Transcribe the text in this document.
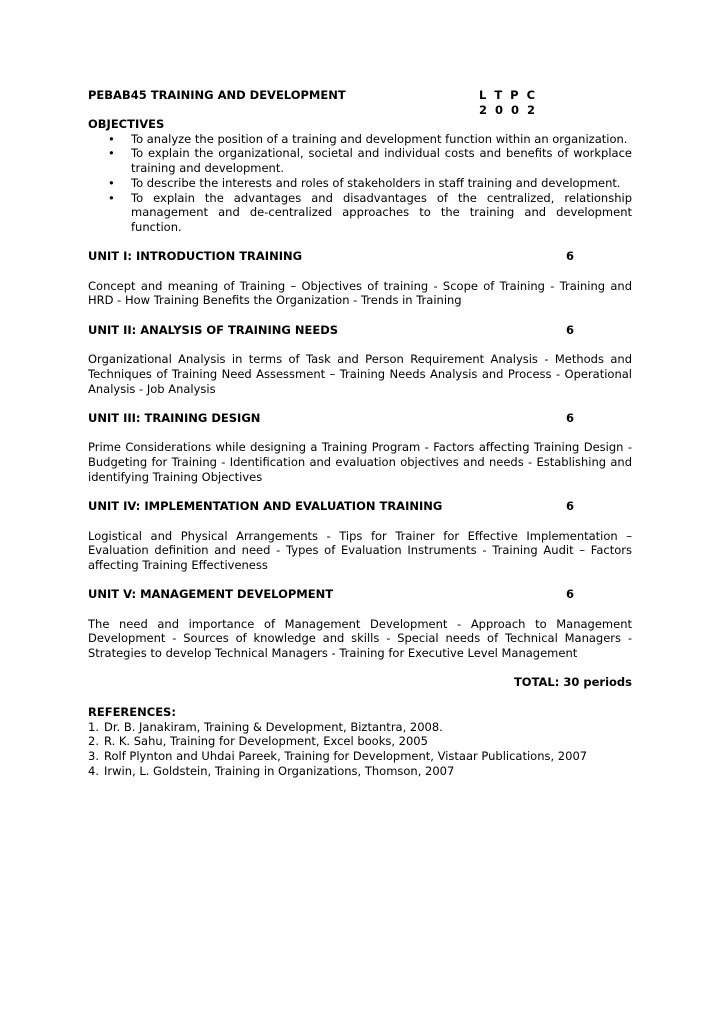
PEBAB45 TRAINING AND DEVELOPMENT	L T P C
2 0 0 2
OBJECTIVES
• To analyze the position of a training and development function within an organization.
• To explain the organizational, societal and individual costs and benefits of workplace training and development.
• To describe the interests and roles of stakeholders in staff training and development.
• To explain the advantages and disadvantages of the centralized, relationship management and de-centralized approaches to the training and development function.
UNIT I: INTRODUCTION TRAINING	6
Concept and meaning of Training – Objectives of training - Scope of Training - Training and HRD - How Training Benefits the Organization - Trends in Training
UNIT II: ANALYSIS OF TRAINING NEEDS	6
Organizational Analysis in terms of Task and Person Requirement Analysis - Methods and Techniques of Training Need Assessment – Training Needs Analysis and Process - Operational Analysis - Job Analysis
UNIT III: TRAINING DESIGN	6
Prime Considerations while designing a Training Program - Factors affecting Training Design - Budgeting for Training - Identification and evaluation objectives and needs - Establishing and identifying Training Objectives
UNIT IV: IMPLEMENTATION AND EVALUATION TRAINING	6
Logistical and Physical Arrangements - Tips for Trainer for Effective Implementation – Evaluation definition and need - Types of Evaluation Instruments - Training Audit – Factors affecting Training Effectiveness
UNIT V: MANAGEMENT DEVELOPMENT	6
The need and importance of Management Development - Approach to Management Development - Sources of knowledge and skills - Special needs of Technical Managers - Strategies to develop Technical Managers - Training for Executive Level Management
TOTAL: 30 periods
REFERENCES:
1. Dr. B. Janakiram, Training & Development, Biztantra, 2008.
2. R. K. Sahu, Training for Development, Excel books, 2005
3. Rolf Plynton and Uhdai Pareek, Training for Development, Vistaar Publications, 2007
4. Irwin, L. Goldstein, Training in Organizations, Thomson, 2007
